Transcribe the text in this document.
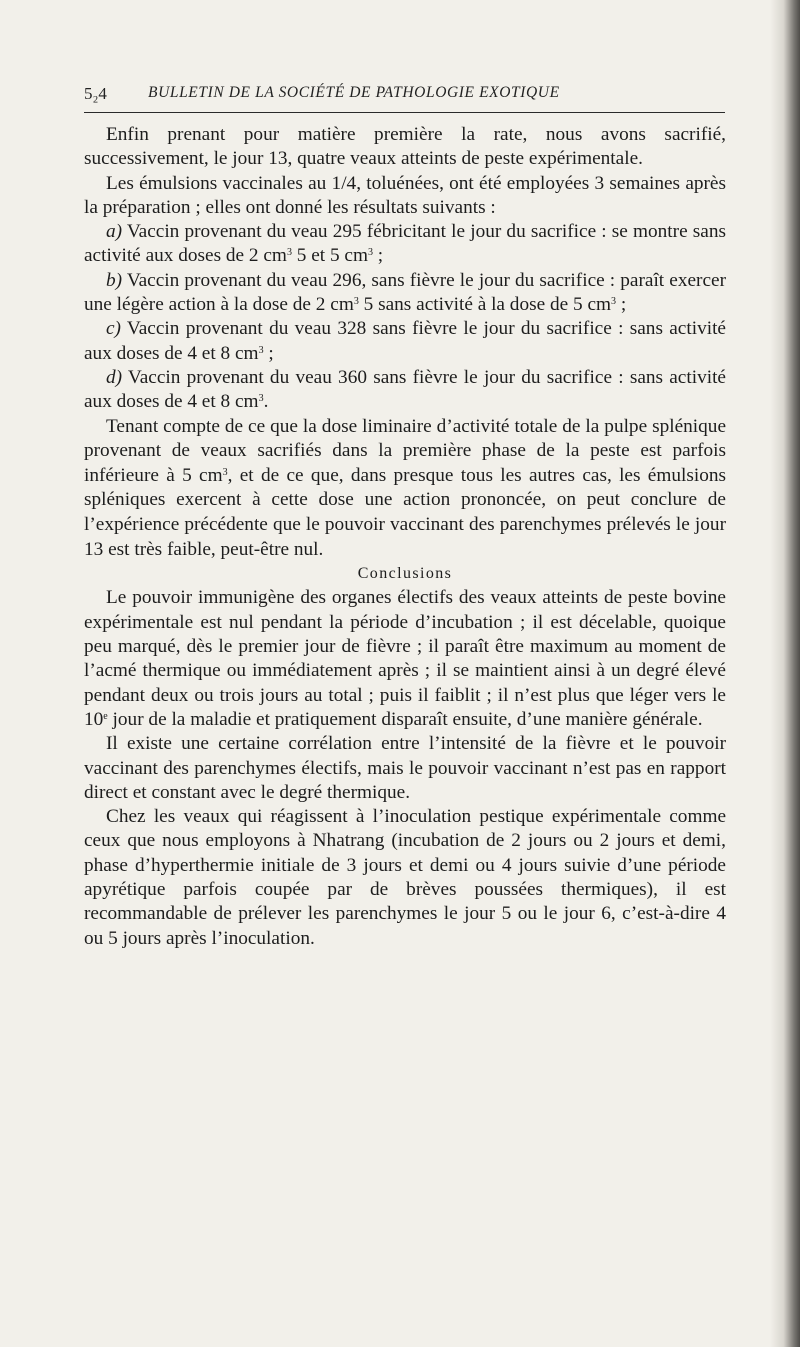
5₂4	BULLETIN DE LA SOCIÉTÉ DE PATHOLOGIE EXOTIQUE

Enfin prenant pour matière première la rate, nous avons sacrifié, successivement, le jour 13, quatre veaux atteints de peste expérimentale.

Les émulsions vaccinales au 1/4, toluénées, ont été employées 3 semaines après la préparation ; elles ont donné les résultats suivants :

a) Vaccin provenant du veau 295 fébricitant le jour du sacrifice : se montre sans activité aux doses de 2 $cm^3$ 5 et 5 $cm^3$ ;

b) Vaccin provenant du veau 296, sans fièvre le jour du sacrifice : paraît exercer une légère action à la dose de 2 $cm^3$ 5 sans activité à la dose de 5 $cm^3$ ;

c) Vaccin provenant du veau 328 sans fièvre le jour du sacrifice : sans activité aux doses de 4 et 8 $cm^3$ ;

d) Vaccin provenant du veau 360 sans fièvre le jour du sacrifice : sans activité aux doses de 4 et 8 $cm^3$.

Tenant compte de ce que la dose liminaire d’activité totale de la pulpe splénique provenant de veaux sacrifiés dans la première phase de la peste est parfois inférieure à 5 $cm^3$, et de ce que, dans presque tous les autres cas, les émulsions spléniques exercent à cette dose une action prononcée, on peut conclure de l’expérience précédente que le pouvoir vaccinant des parenchymes prélevés le jour 13 est très faible, peut-être nul.

Conclusions

Le pouvoir immunigène des organes électifs des veaux atteints de peste bovine expérimentale est nul pendant la période d’incubation ; il est décelable, quoique peu marqué, dès le premier jour de fièvre ; il paraît être maximum au moment de l’acmé thermique ou immédiatement après ; il se maintient ainsi à un degré élevé pendant deux ou trois jours au total ; puis il faiblit ; il n’est plus que léger vers le 10e jour de la maladie et pratiquement disparaît ensuite, d’une manière générale.

Il existe une certaine corrélation entre l’intensité de la fièvre et le pouvoir vaccinant des parenchymes électifs, mais le pouvoir vaccinant n’est pas en rapport direct et constant avec le degré thermique.

Chez les veaux qui réagissent à l’inoculation pestique expérimentale comme ceux que nous employons à Nhatrang (incubation de 2 jours ou 2 jours et demi, phase d’hyperthermie initiale de 3 jours et demi ou 4 jours suivie d’une période apyrétique parfois coupée par de brèves poussées thermiques), il est recommandable de prélever les parenchymes le jour 5 ou le jour 6, c’est-à-dire 4 ou 5 jours après l’inoculation.
